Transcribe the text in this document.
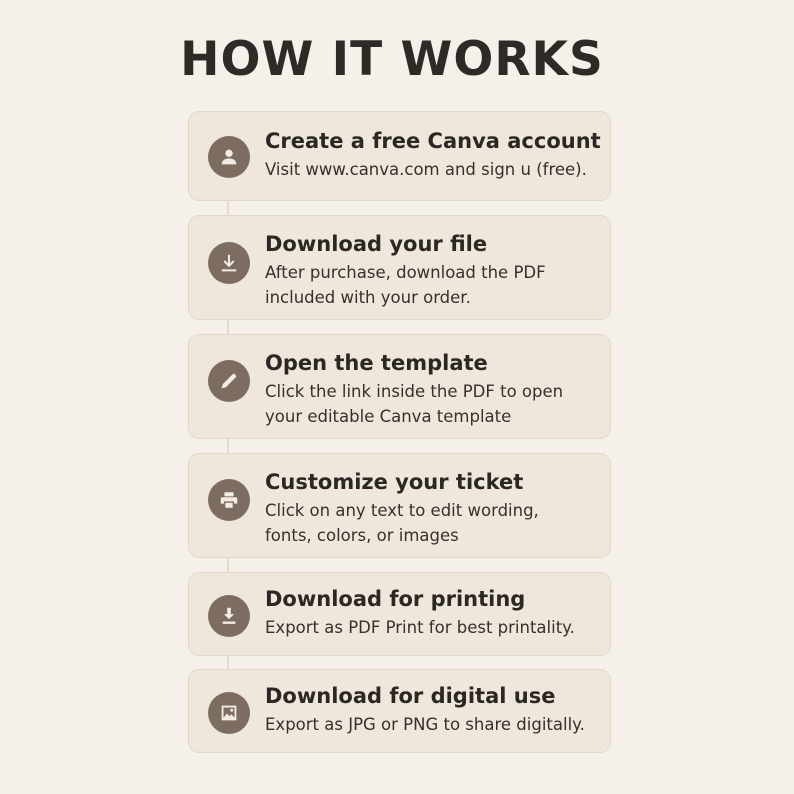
HOW IT WORKS
Create a free Canva account
Visit www.canva.com and sign u (free).
Download your file
After purchase, download the PDF
included with your order.
Open the template
Click the link inside the PDF to open
your editable Canva template
Customize your ticket
Click on any text to edit wording,
fonts, colors, or images
Download for printing
Export as PDF Print for best printality.
Download for digital use
Export as JPG or PNG to share digitally.
